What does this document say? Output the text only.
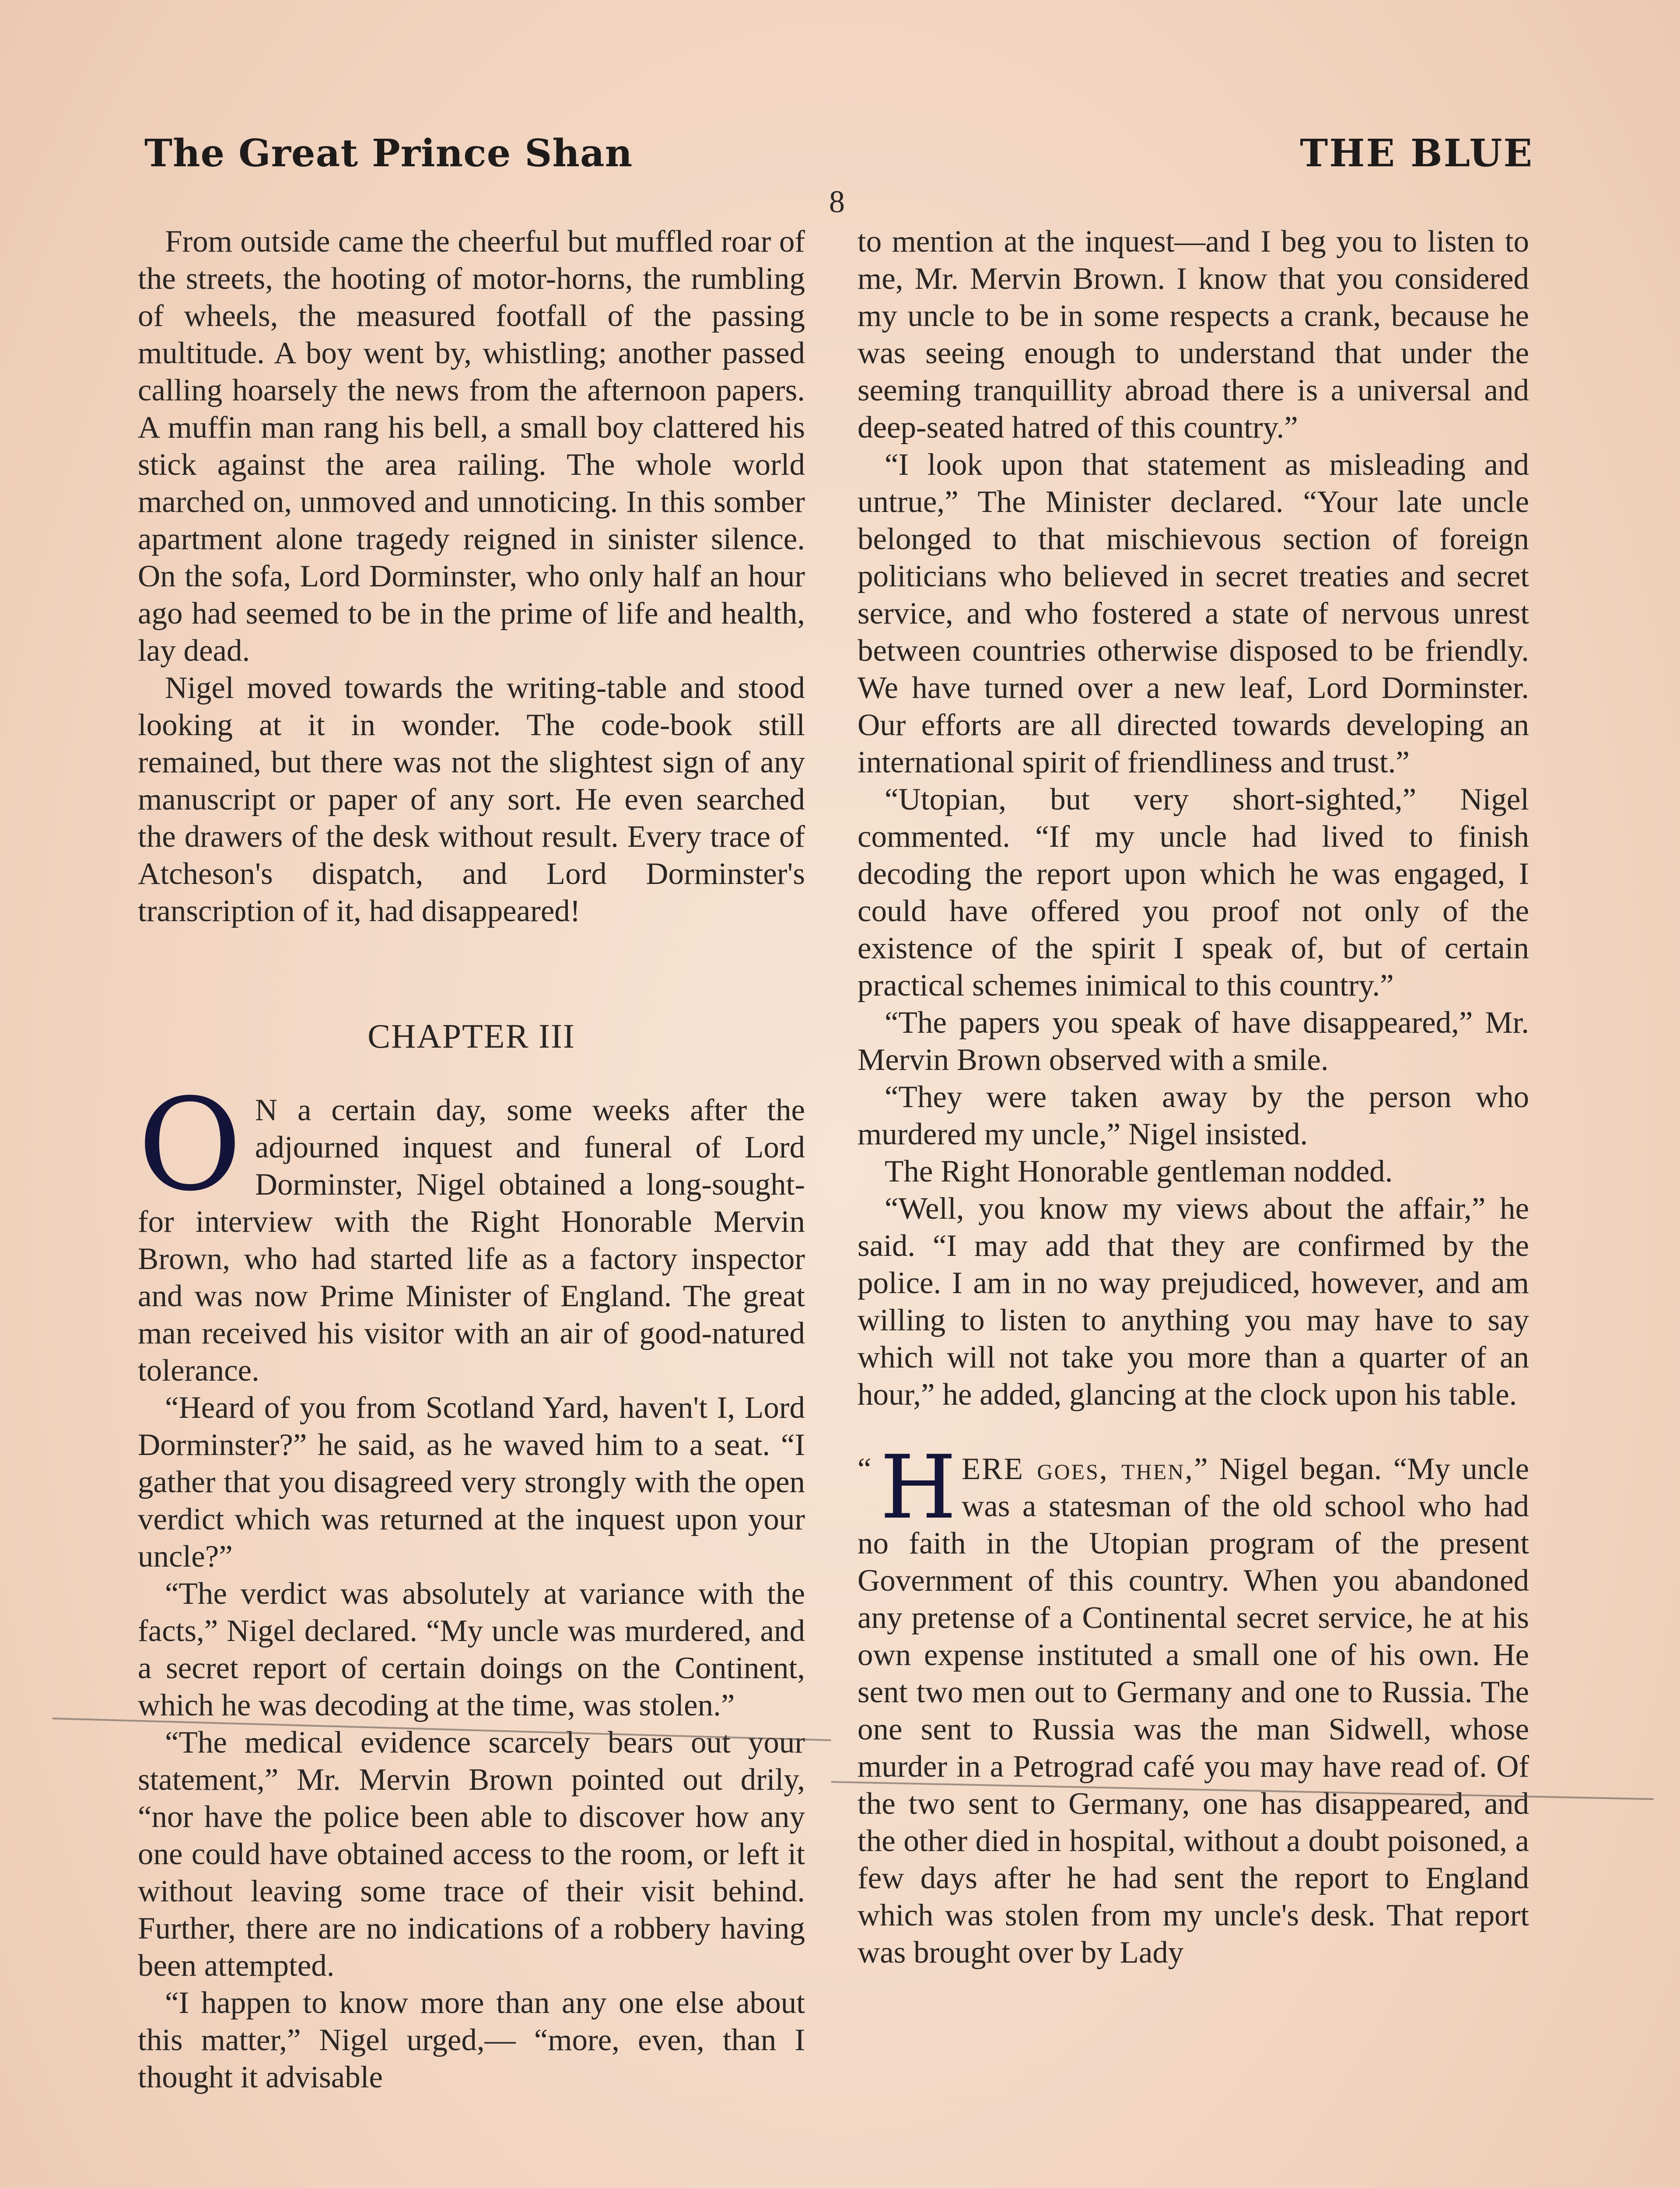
The Great Prince Shan	THE BLUE
8

From outside came the cheerful but muffled roar of the streets, the hooting of motor-horns, the rumbling of wheels, the measured footfall of the passing multitude. A boy went by, whistling; another passed calling hoarsely the news from the afternoon papers. A muffin man rang his bell, a small boy clattered his stick against the area railing. The whole world marched on, unmoved and unnoticing. In this somber apartment alone tragedy reigned in sinister silence. On the sofa, Lord Dorminster, who only half an hour ago had seemed to be in the prime of life and health, lay dead.

Nigel moved towards the writing-table and stood looking at it in wonder. The code-book still remained, but there was not the slightest sign of any manuscript or paper of any sort. He even searched the drawers of the desk without result. Every trace of Atcheson's dispatch, and Lord Dorminster's transcription of it, had disappeared!

CHAPTER III

O N a certain day, some weeks after the adjourned inquest and funeral of Lord Dorminster, Nigel obtained a long-sought-for interview with the Right Honorable Mervin Brown, who had started life as a factory inspector and was now Prime Minister of England. The great man received his visitor with an air of good-natured tolerance.

“Heard of you from Scotland Yard, haven't I, Lord Dorminster?” he said, as he waved him to a seat. “I gather that you disagreed very strongly with the open verdict which was returned at the inquest upon your uncle?”

“The verdict was absolutely at variance with the facts,” Nigel declared. “My uncle was murdered, and a secret report of certain doings on the Continent, which he was decoding at the time, was stolen.”

“The medical evidence scarcely bears out your statement,” Mr. Mervin Brown pointed out drily, “nor have the police been able to discover how any one could have obtained access to the room, or left it without leaving some trace of their visit behind. Further, there are no indications of a robbery having been attempted.

“I happen to know more than any one else about this matter,” Nigel urged,— “more, even, than I thought it advisable

to mention at the inquest—and I beg you to listen to me, Mr. Mervin Brown. I know that you considered my uncle to be in some respects a crank, because he was seeing enough to understand that under the seeming tranquillity abroad there is a universal and deep-seated hatred of this country.”

“I look upon that statement as misleading and untrue,” The Minister declared. “Your late uncle belonged to that mischievous section of foreign politicians who believed in secret treaties and secret service, and who fostered a state of nervous unrest between countries otherwise disposed to be friendly. We have turned over a new leaf, Lord Dorminster. Our efforts are all directed towards developing an international spirit of friendliness and trust.”

“Utopian, but very short-sighted,” Nigel commented. “If my uncle had lived to finish decoding the report upon which he was engaged, I could have offered you proof not only of the existence of the spirit I speak of, but of certain practical schemes inimical to this country.”

“The papers you speak of have disappeared,” Mr. Mervin Brown observed with a smile.

“They were taken away by the person who murdered my uncle,” Nigel insisted.

The Right Honorable gentleman nodded.

“Well, you know my views about the affair,” he said. “I may add that they are confirmed by the police. I am in no way prejudiced, however, and am willing to listen to anything you may have to say which will not take you more than a quarter of an hour,” he added, glancing at the clock upon his table.

“ H ERE goes, then,” Nigel began. “My uncle was a statesman of the old school who had no faith in the Utopian program of the present Government of this country. When you abandoned any pretense of a Continental secret service, he at his own expense instituted a small one of his own. He sent two men out to Germany and one to Russia. The one sent to Russia was the man Sidwell, whose murder in a Petrograd café you may have read of. Of the two sent to Germany, one has disappeared, and the other died in hospital, without a doubt poisoned, a few days after he had sent the report to England which was stolen from my uncle's desk. That report was brought over by Lady
